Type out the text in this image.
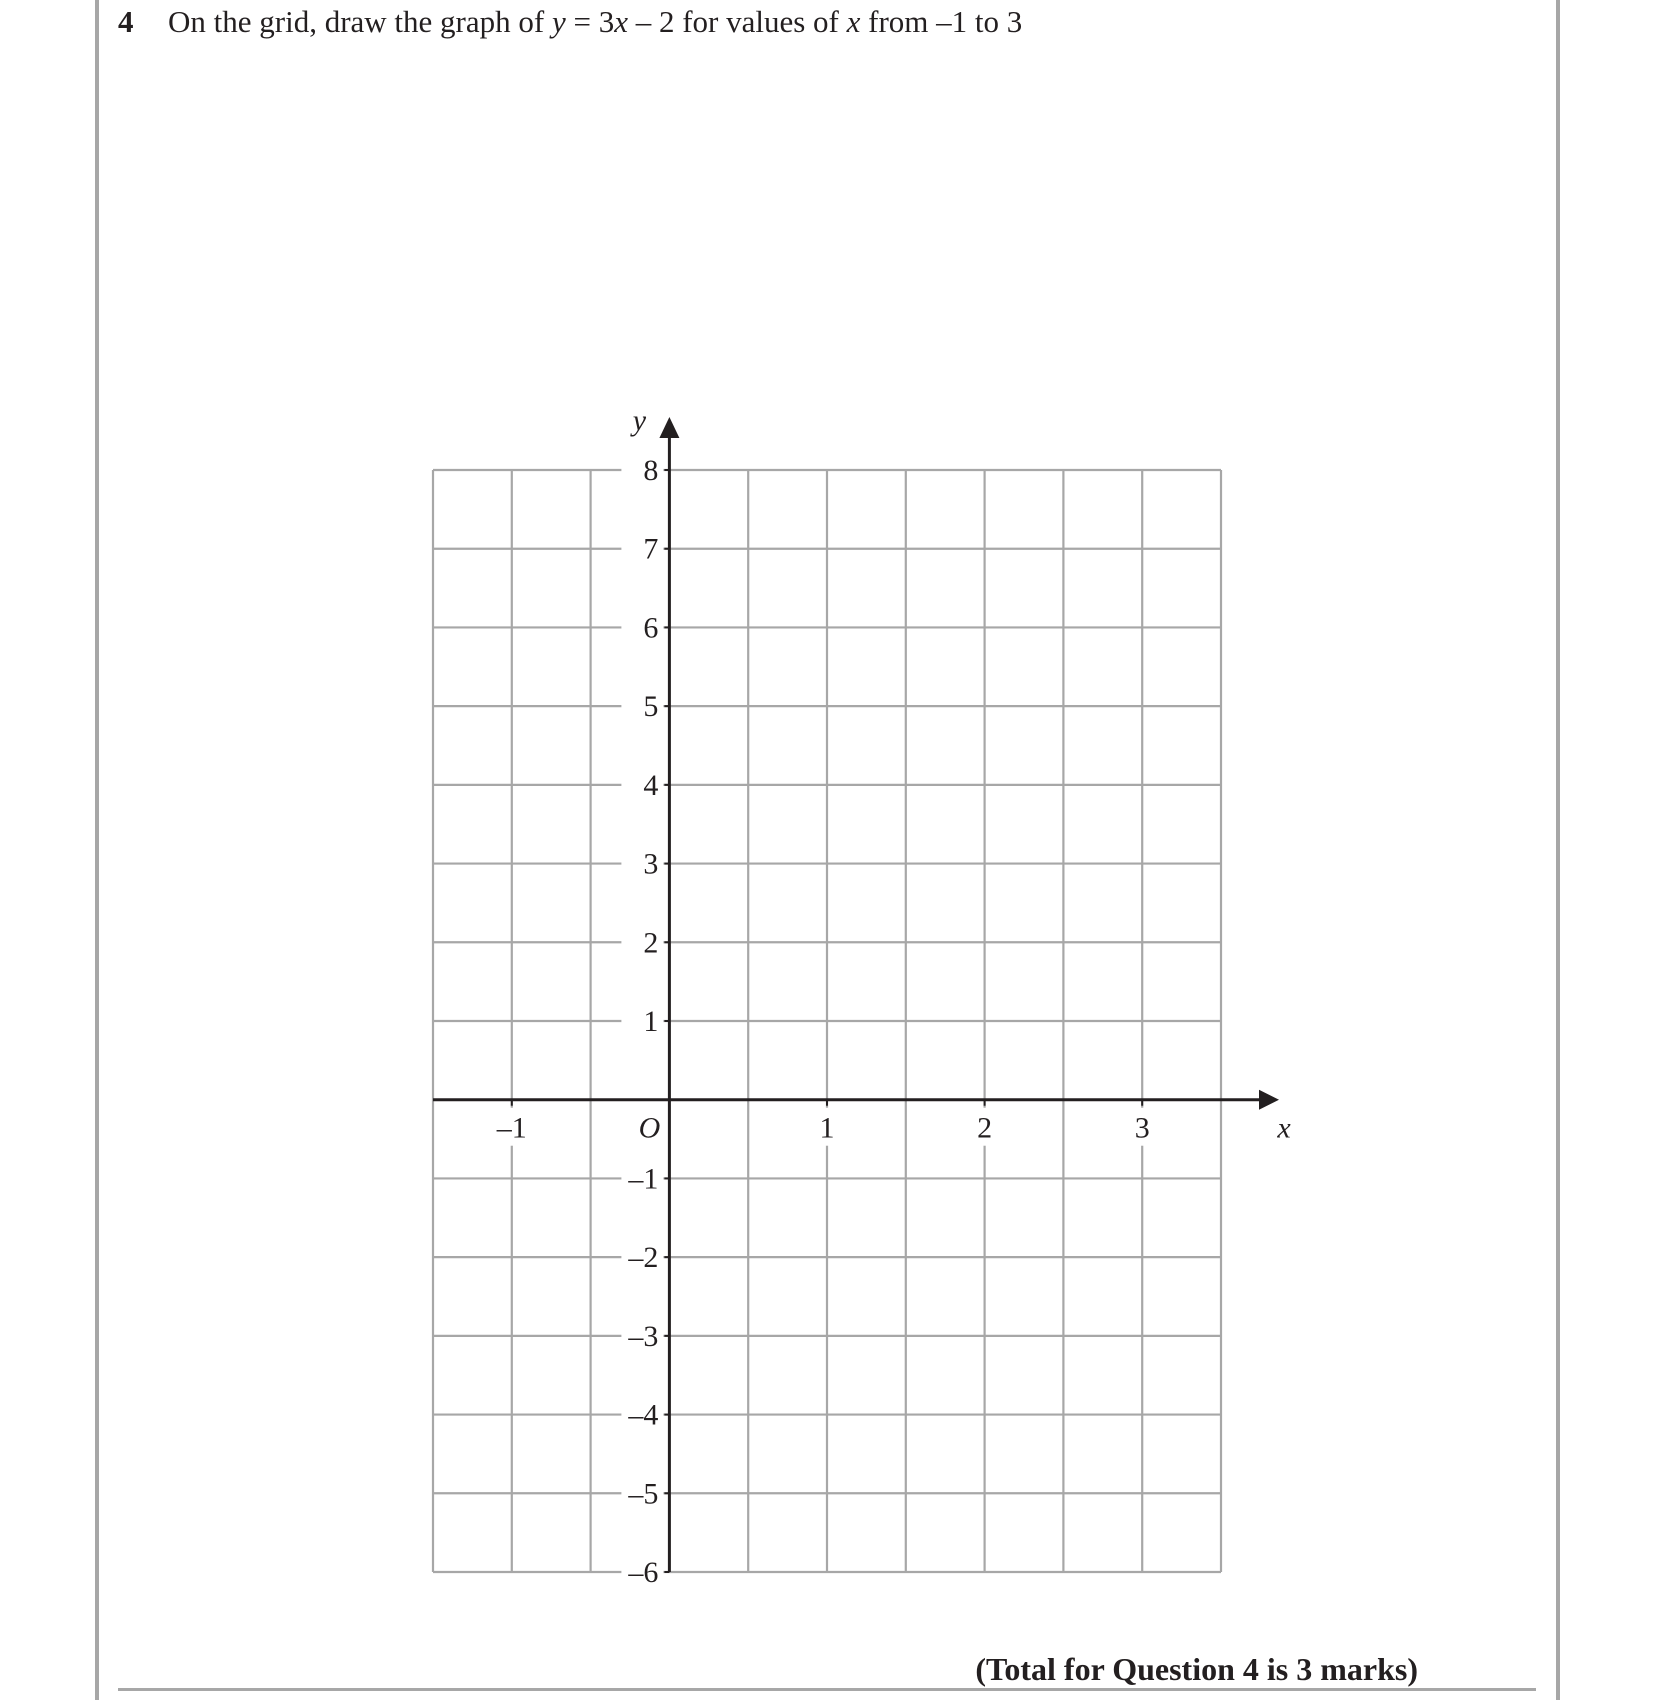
4 On the grid, draw the graph of y = 3x – 2 for values of x from –1 to 3
8
7
6
5
4
3
2
1
–1
–2
–3
–4
–5
–6
–1	1	2	3
O
y
x
(Total for Question 4 is 3 marks)
